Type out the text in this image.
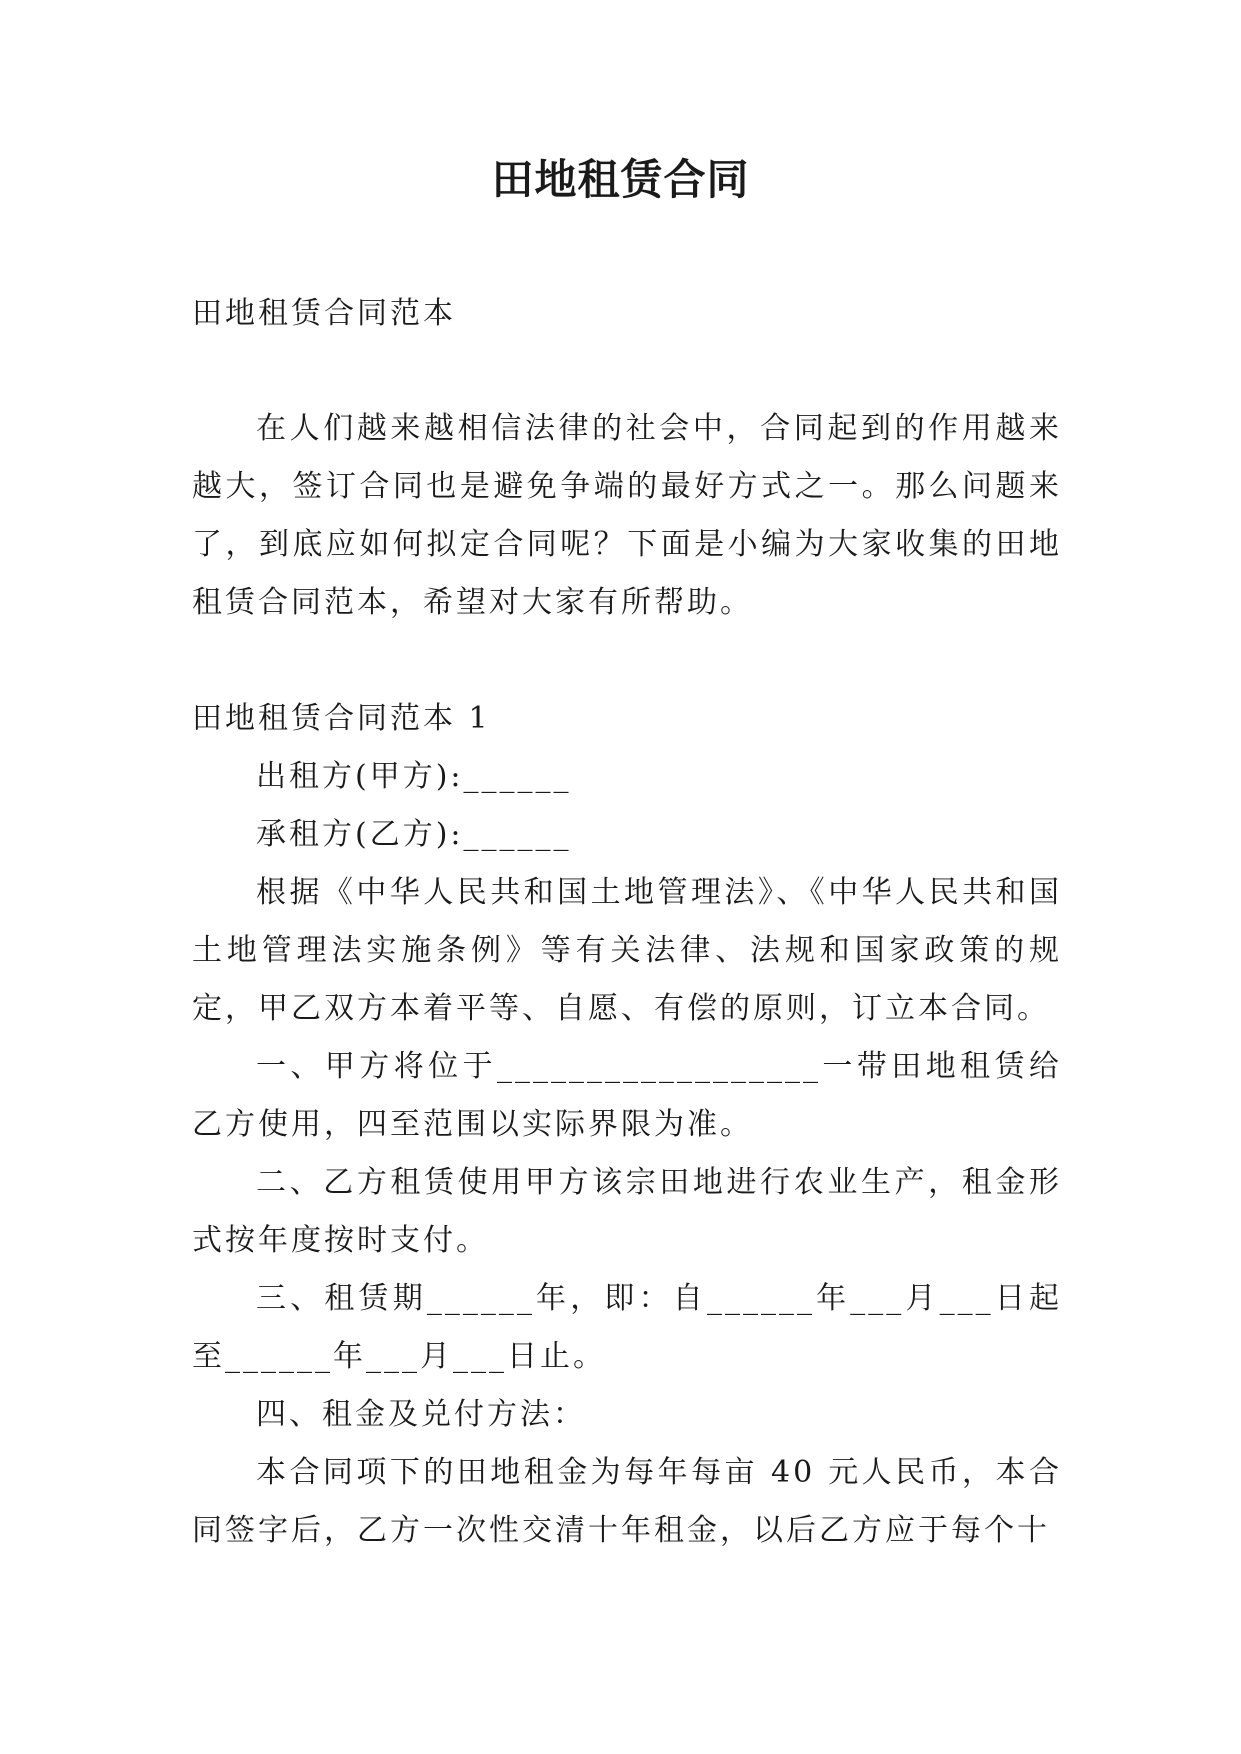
田地租赁合同

田地租赁合同范本

在人们越来越相信法律的社会中，合同起到的作用越来越大，签订合同也是避免争端的最好方式之一。那么问题来了，到底应如何拟定合同呢？下面是小编为大家收集的田地租赁合同范本，希望对大家有所帮助。

田地租赁合同范本 1

出租方(甲方):______

承租方(乙方):______

根据《中华人民共和国土地管理法》、《中华人民共和国土地管理法实施条例》等有关法律、法规和国家政策的规定，甲乙双方本着平等、自愿、有偿的原则，订立本合同。

一、甲方将位于__________________一带田地租赁给乙方使用，四至范围以实际界限为准。

二、乙方租赁使用甲方该宗田地进行农业生产，租金形式按年度按时支付。

三、租赁期______年，即：自______年___月___日起至______年___月___日止。

四、租金及兑付方法：

本合同项下的田地租金为每年每亩 40 元人民币，本合同签字后，乙方一次性交清十年租金，以后乙方应于每个十
